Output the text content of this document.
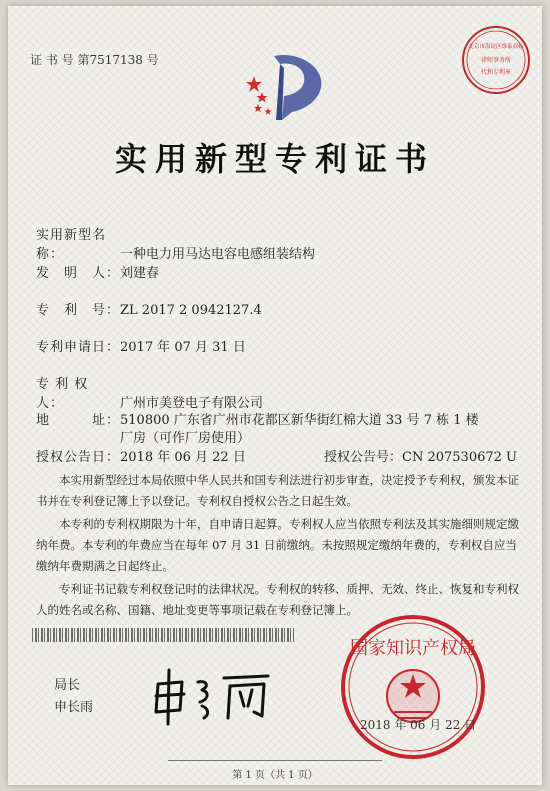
证 书 号 第7517138 号
北京市海淀区维泰商标
律师事务所
代和专利章
实用新型专利证书
实用新型名称：	一种电力用马达电容电感组装结构
发　明　人：刘建春
专　利　号：ZL 2017 2 0942127.4
专利申请日：2017 年 07 月 31 日
专 利 权 人：	广州市美登电子有限公司
地　　　址：510800 广东省广州市花都区新华街红棉大道 33 号 7 栋 1 楼
厂房（可作厂房使用）
授权公告日：2018 年 06 月 22 日	授权公告号：CN 207530672 U
本实用新型经过本局依照中华人民共和国专利法进行初步审查，决定授予专利权，颁发本证书并在专利登记簿上予以登记。专利权自授权公告之日起生效。
本专利的专利权期限为十年，自申请日起算。专利权人应当依照专利法及其实施细则规定缴纳年费。本专利的年费应当在每年 07 月 31 日前缴纳。未按照规定缴纳年费的，专利权自应当缴纳年费期满之日起终止。
专利证书记载专利权登记时的法律状况。专利权的转移、质押、无效、终止、恢复和专利权人的姓名或名称、国籍、地址变更等事项记载在专利登记簿上。
局长
申长雨
国家知识产权局
2018 年 06 月 22 日
第 1 页（共 1 页）
